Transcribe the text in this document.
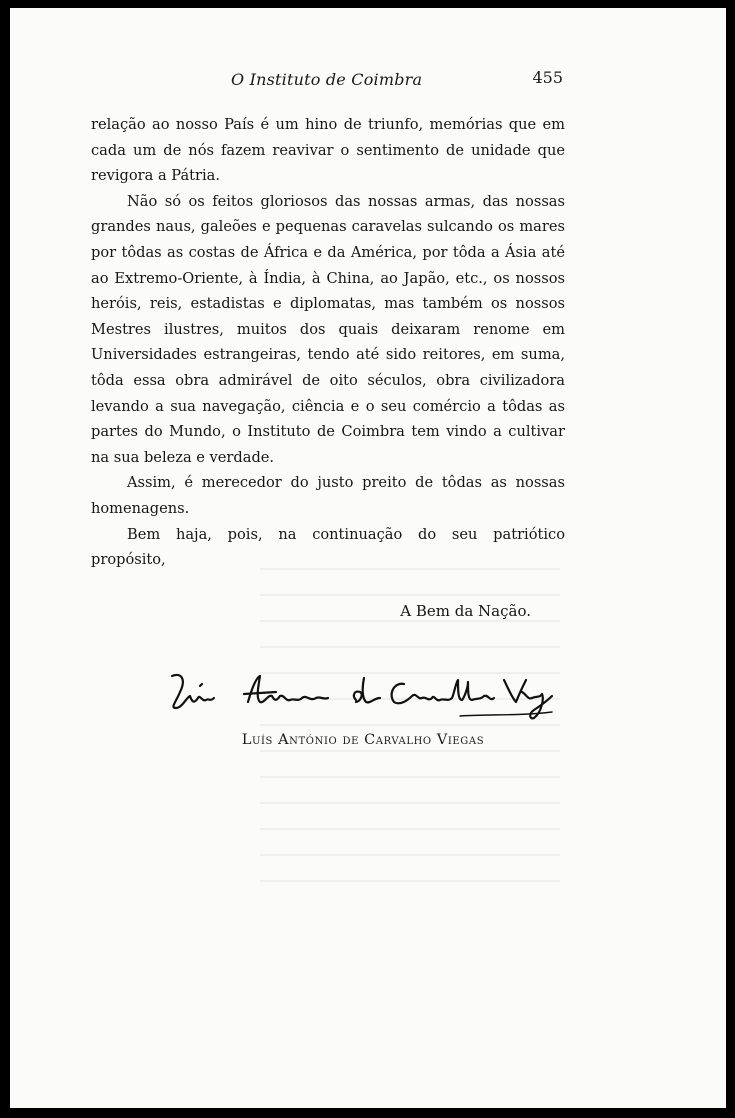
O Instituto de Coimbra	455

relação ao nosso País é um hino de triunfo, memórias que em cada um de nós fazem reavivar o sentimento de unidade que revigora a Pátria.

Não só os feitos gloriosos das nossas armas, das nossas grandes naus, galeões e pequenas caravelas sulcando os mares por tôdas as costas de África e da América, por tôda a Ásia até ao Extremo-Oriente, à Índia, à China, ao Japão, etc., os nossos heróis, reis, estadistas e diplomatas, mas também os nossos Mestres ilustres, muitos dos quais deixaram renome em Universidades estrangeiras, tendo até sido reitores, em suma, tôda essa obra admirável de oito séculos, obra civilizadora levando a sua navegação, ciência e o seu comércio a tôdas as partes do Mundo, o Instituto de Coimbra tem vindo a cultivar na sua beleza e verdade.

Assim, é merecedor do justo preito de tôdas as nossas homenagens.

Bem haja, pois, na continuação do seu patriótico propósito,

A Bem da Nação.
Luís António de Carvalho Viegas
